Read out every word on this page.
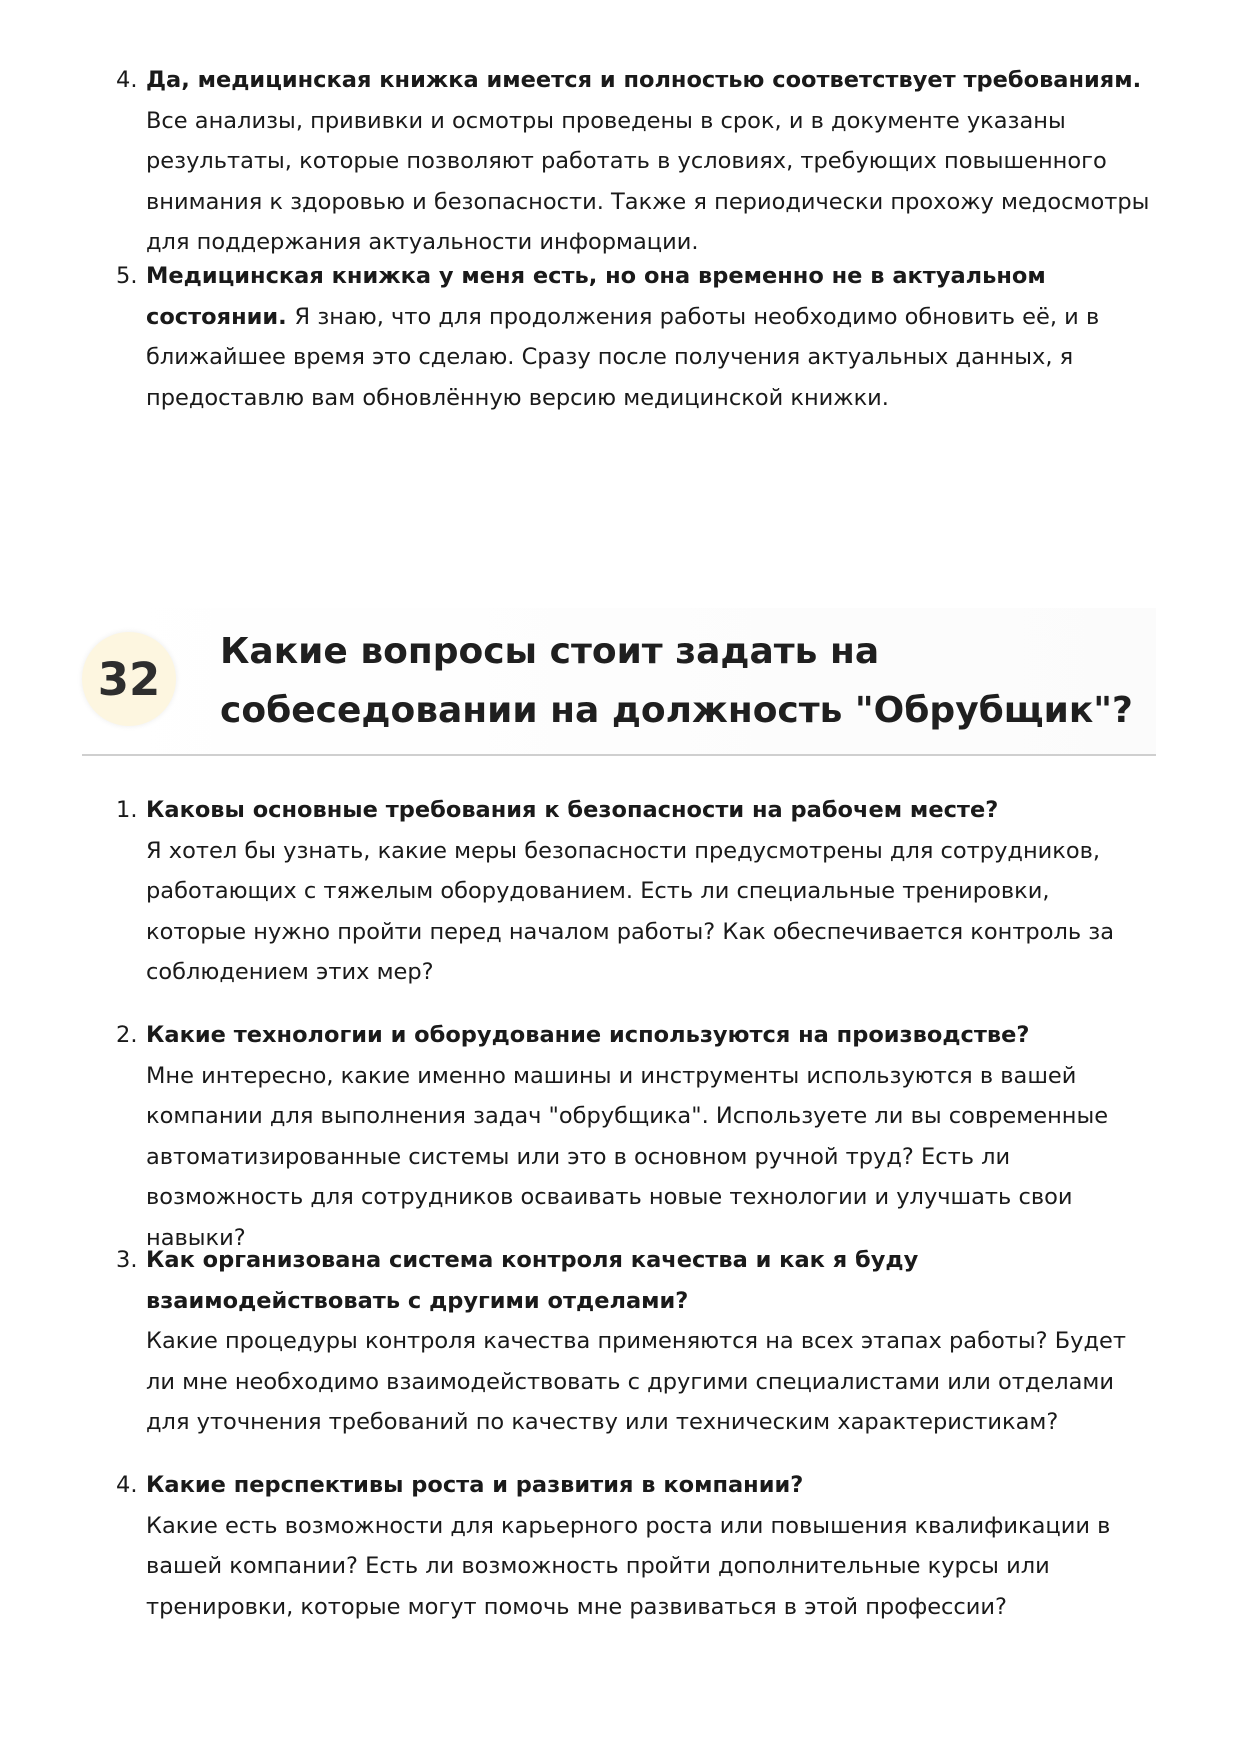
4. Да, медицинская книжка имеется и полностью соответствует требованиям. Все анализы, прививки и осмотры проведены в срок, и в документе указаны результаты, которые позволяют работать в условиях, требующих повышенного внимания к здоровью и безопасности. Также я периодически прохожу медосмотры для поддержания актуальности информации.
5. Медицинская книжка у меня есть, но она временно не в актуальном состоянии. Я знаю, что для продолжения работы необходимо обновить её, и в ближайшее время это сделаю. Сразу после получения актуальных данных, я предоставлю вам обновлённую версию медицинской книжки.
32
Какие вопросы стоит задать на собеседовании на должность "Обрубщик"?
1. Каковы основные требования к безопасности на рабочем месте?
Я хотел бы узнать, какие меры безопасности предусмотрены для сотрудников, работающих с тяжелым оборудованием. Есть ли специальные тренировки, которые нужно пройти перед началом работы? Как обеспечивается контроль за соблюдением этих мер?
2. Какие технологии и оборудование используются на производстве?
Мне интересно, какие именно машины и инструменты используются в вашей компании для выполнения задач "обрубщика". Используете ли вы современные автоматизированные системы или это в основном ручной труд? Есть ли возможность для сотрудников осваивать новые технологии и улучшать свои навыки?
3. Как организована система контроля качества и как я буду взаимодействовать с другими отделами?
Какие процедуры контроля качества применяются на всех этапах работы? Будет ли мне необходимо взаимодействовать с другими специалистами или отделами для уточнения требований по качеству или техническим характеристикам?
4. Какие перспективы роста и развития в компании?
Какие есть возможности для карьерного роста или повышения квалификации в вашей компании? Есть ли возможность пройти дополнительные курсы или тренировки, которые могут помочь мне развиваться в этой профессии?
